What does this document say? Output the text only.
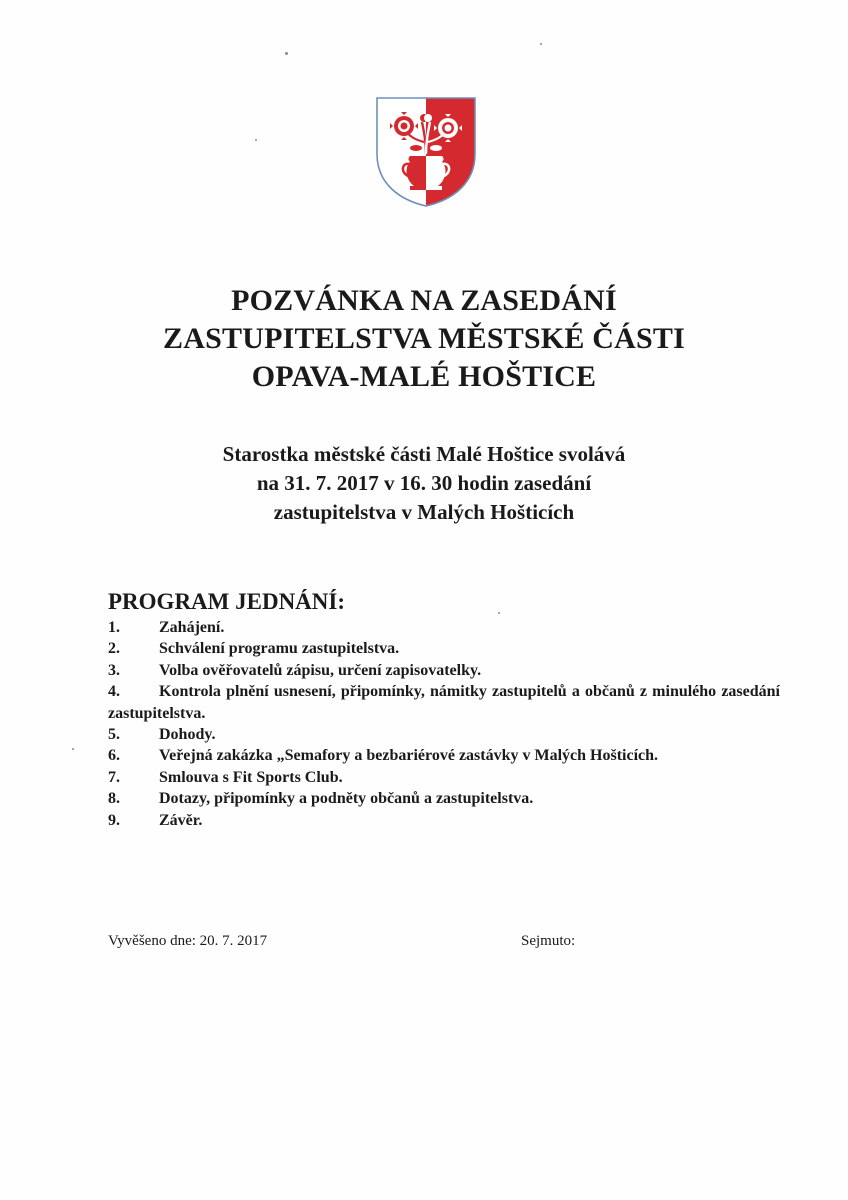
POZVÁNKA NA ZASEDÁNÍ
ZASTUPITELSTVA MĚSTSKÉ ČÁSTI
OPAVA-MALÉ HOŠTICE
Starostka městské části Malé Hoštice svolává
na 31. 7. 2017 v 16. 30 hodin zasedání
zastupitelstva v Malých Hošticích
PROGRAM JEDNÁNÍ:
1.	Zahájení.
2.	Schválení programu zastupitelstva.
3.	Volba ověřovatelů zápisu, určení zapisovatelky.
4.	Kontrola plnění usnesení, připomínky, námitky zastupitelů a občanů z minulého zasedání zastupitelstva.
5.	Dohody.
6.	Veřejná zakázka „Semafory a bezbariérové zastávky v Malých Hošticích.
7.	Smlouva s Fit Sports Club.
8.	Dotazy, připomínky a podněty občanů a zastupitelstva.
9.	Závěr.
Vyvěšeno dne: 20. 7. 2017	Sejmuto:
